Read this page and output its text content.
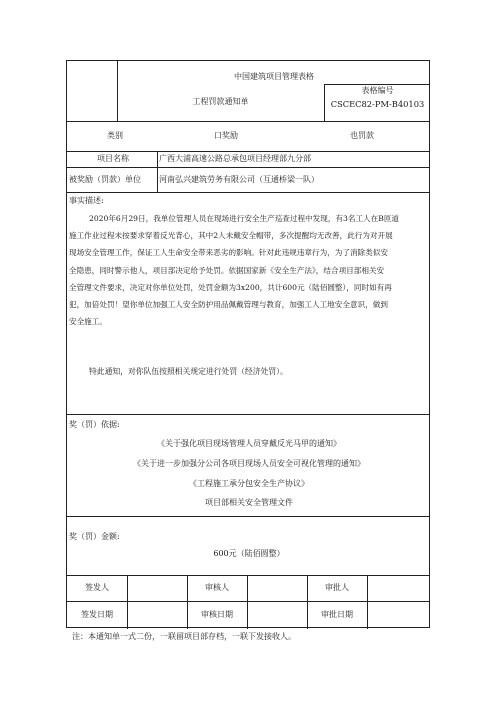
中国建筑项目管理表格
工程罚款通知单
表格编号
CSCEC82-PM-B40103
类别	口奖励	也罚款
项目名称	广西大浦高速公路总承包项目经理部九分部
被奖励（罚款）单位 河南弘兴建筑劳务有限公司（互通桥梁一队）
事实描述:
2020年6月29日，我单位管理人员在现场进行安全生产巡查过程中发现，有3名工人在B匝道
施工作业过程未按要求穿着反光背心，其中2人未戴安全帽带，多次提醒均无改善，此行为对开展
现场安全管理工作，保证工人生命安全带来恶劣的影响。针对此违规违章行为，为了消除类似安
全隐患，同时警示他人，项目部决定给予处罚。依据国家新《安全生产法》，结合项目部相关安
全管理文件要求，决定对你单位处罚，处罚金额为3x200，共计600元（陆佰圆整），同时如有再
犯，加倍处罚！望你单位加强工人安全防护用品佩戴管理与教育，加强工人工地安全意识，做到
安全施工。
特此通知，对你队伍按照相关规定进行处罚（经济处罚）。
奖（罚）依据:
《关于强化项目现场管理人员穿戴反光马甲的通知》
《关于进一步加强分公司各项目现场人员安全可视化管理的通知》
《工程施工承分包安全生产协议》
项目部相关安全管理文件
奖（罚）金额:
600元（陆佰圆整）
签发人	审核人	审批人
签发日期	审核日期	审批日期
注：本通知单一式二份，一联留项目部存档，一联下发接收人。
